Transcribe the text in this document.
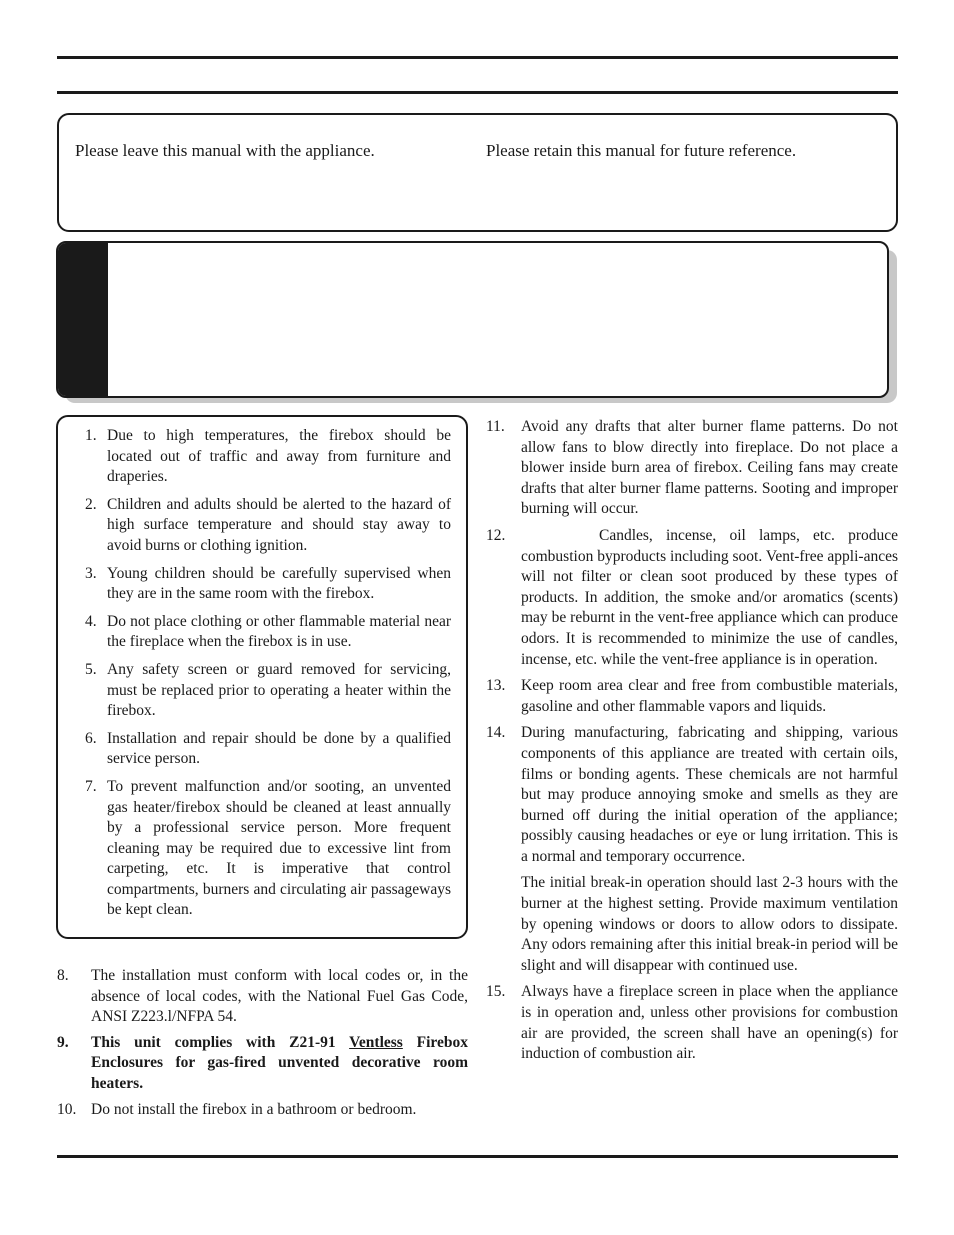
Please leave this manual with the appliance.	Please retain this manual for future reference.
1. Due to high temperatures, the firebox should be located out of traffic and away from furniture and draperies.
2. Children and adults should be alerted to the hazard of high surface temperature and should stay away to avoid burns or clothing ignition.
3. Young children should be carefully supervised when they are in the same room with the firebox.
4. Do not place clothing or other flammable material near the fireplace when the firebox is in use.
5. Any safety screen or guard removed for servicing, must be replaced prior to operating a heater within the firebox.
6. Installation and repair should be done by a qualified service person.
7. To prevent malfunction and/or sooting, an unvented gas heater/firebox should be cleaned at least annually by a professional service person. More frequent cleaning may be required due to excessive lint from carpeting, etc. It is imperative that control compartments, burners and circulating air passageways be kept clean.
8.	The installation must conform with local codes or, in the absence of local codes, with the National Fuel Gas Code, ANSI Z223.l/NFPA 54.
9.	This unit complies with Z21-91 Ventless Firebox Enclosures for gas-fired unvented decorative room heaters.
10. Do not install the firebox in a bathroom or bedroom.
11.	Avoid any drafts that alter burner flame patterns. Do not allow fans to blow directly into fireplace. Do not place a blower inside burn area of firebox. Ceiling fans may create drafts that alter burner flame patterns. Sooting and improper burning will occur.
12.	Candles, incense, oil lamps, etc. produce combustion byproducts including soot. Vent-free appli-ances will not filter or clean soot produced by these types of products. In addition, the smoke and/or aromatics (scents) may be reburnt in the vent-free appliance which can produce odors. It is recommended to minimize the use of candles, incense, etc. while the vent-free appliance is in operation.
13.	Keep room area clear and free from combustible materials, gasoline and other flammable vapors and liquids.
14.	During manufacturing, fabricating and shipping, various components of this appliance are treated with certain oils, films or bonding agents. These chemicals are not harmful but may produce annoying smoke and smells as they are burned off during the initial operation of the appliance; possibly causing headaches or eye or lung irritation. This is a normal and temporary occurrence.
The initial break-in operation should last 2-3 hours with the burner at the highest setting. Provide maximum ventilation by opening windows or doors to allow odors to dissipate. Any odors remaining after this initial break-in period will be slight and will disappear with continued use.
15.	Always have a fireplace screen in place when the appliance is in operation and, unless other provisions for combustion air are provided, the screen shall have an opening(s) for induction of combustion air.
